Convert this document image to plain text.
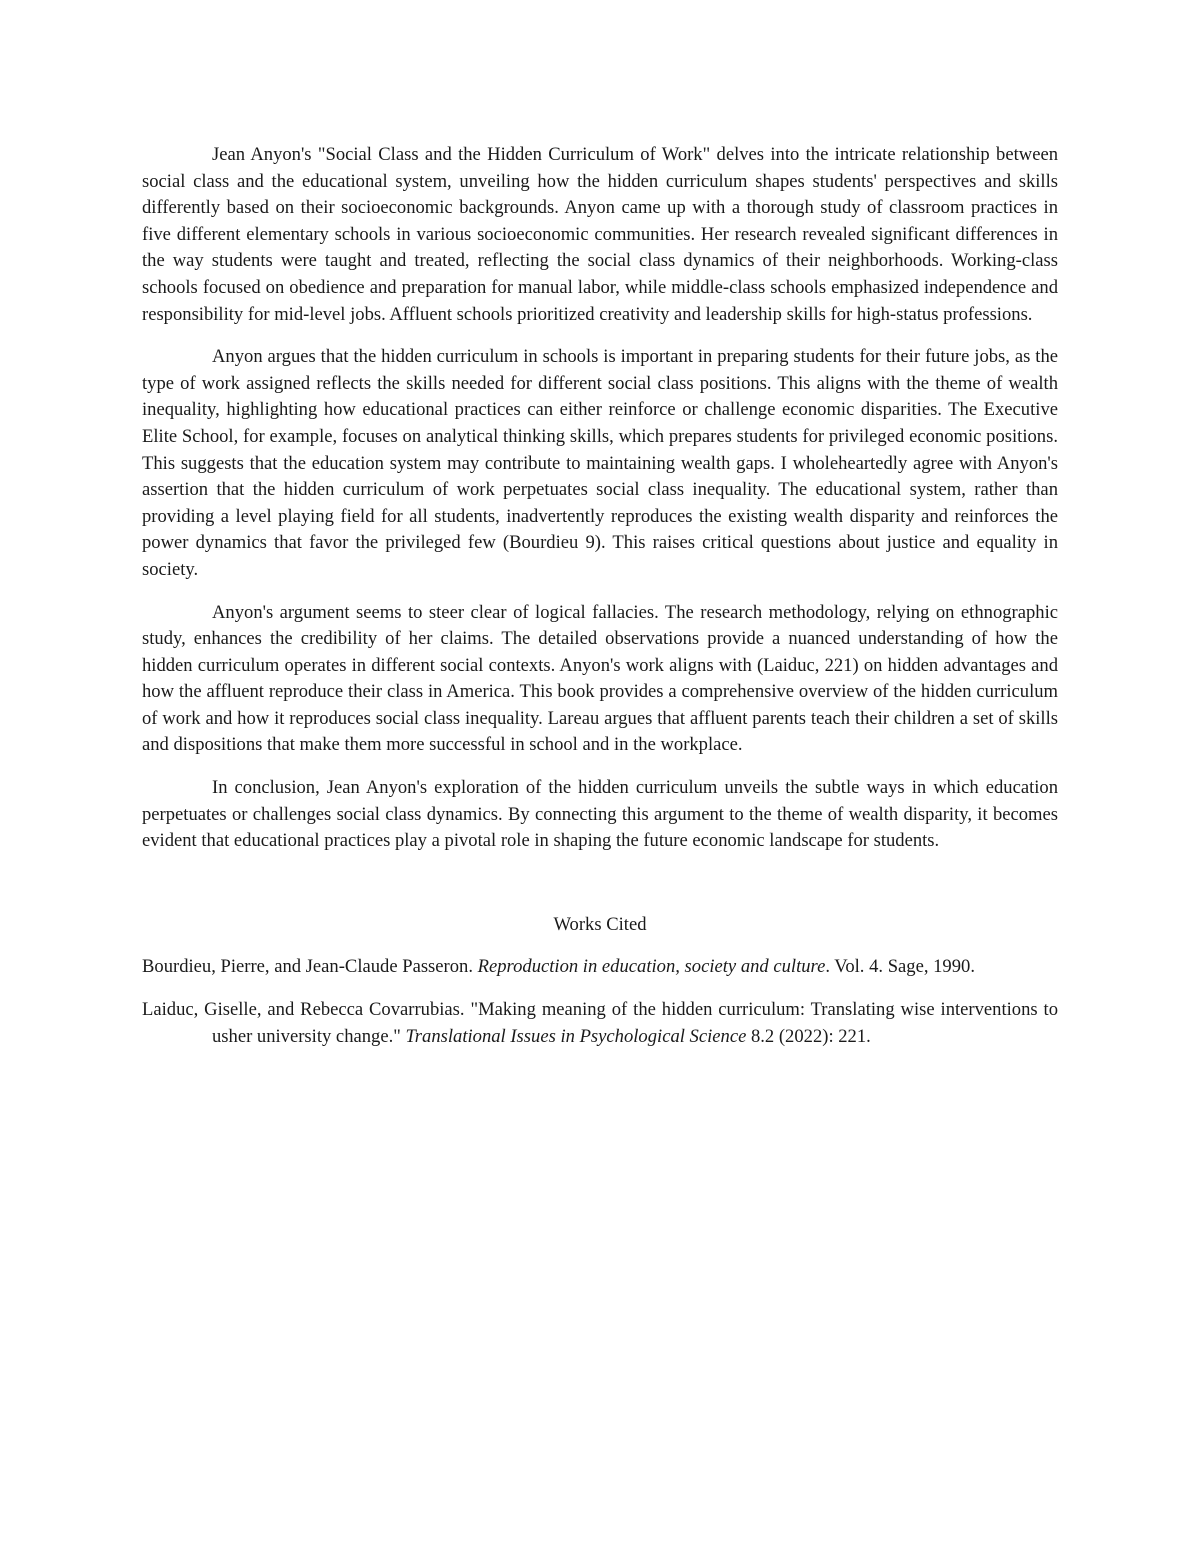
Jean Anyon's "Social Class and the Hidden Curriculum of Work" delves into the intricate relationship between social class and the educational system, unveiling how the hidden curriculum shapes students' perspectives and skills differently based on their socioeconomic backgrounds. Anyon came up with a thorough study of classroom practices in five different elementary schools in various socioeconomic communities. Her research revealed significant differences in the way students were taught and treated, reflecting the social class dynamics of their neighborhoods. Working-class schools focused on obedience and preparation for manual labor, while middle-class schools emphasized independence and responsibility for mid-level jobs. Affluent schools prioritized creativity and leadership skills for high-status professions.

Anyon argues that the hidden curriculum in schools is important in preparing students for their future jobs, as the type of work assigned reflects the skills needed for different social class positions. This aligns with the theme of wealth inequality, highlighting how educational practices can either reinforce or challenge economic disparities. The Executive Elite School, for example, focuses on analytical thinking skills, which prepares students for privileged economic positions. This suggests that the education system may contribute to maintaining wealth gaps. I wholeheartedly agree with Anyon's assertion that the hidden curriculum of work perpetuates social class inequality. The educational system, rather than providing a level playing field for all students, inadvertently reproduces the existing wealth disparity and reinforces the power dynamics that favor the privileged few (Bourdieu 9). This raises critical questions about justice and equality in society.

Anyon's argument seems to steer clear of logical fallacies. The research methodology, relying on ethnographic study, enhances the credibility of her claims. The detailed observations provide a nuanced understanding of how the hidden curriculum operates in different social contexts. Anyon's work aligns with (Laiduc, 221) on hidden advantages and how the affluent reproduce their class in America. This book provides a comprehensive overview of the hidden curriculum of work and how it reproduces social class inequality. Lareau argues that affluent parents teach their children a set of skills and dispositions that make them more successful in school and in the workplace.

In conclusion, Jean Anyon's exploration of the hidden curriculum unveils the subtle ways in which education perpetuates or challenges social class dynamics. By connecting this argument to the theme of wealth disparity, it becomes evident that educational practices play a pivotal role in shaping the future economic landscape for students.

Works Cited

Bourdieu, Pierre, and Jean-Claude Passeron. Reproduction in education, society and culture. Vol. 4. Sage, 1990.

Laiduc, Giselle, and Rebecca Covarrubias. "Making meaning of the hidden curriculum: Translating wise interventions to usher university change." Translational Issues in Psychological Science 8.2 (2022): 221.
